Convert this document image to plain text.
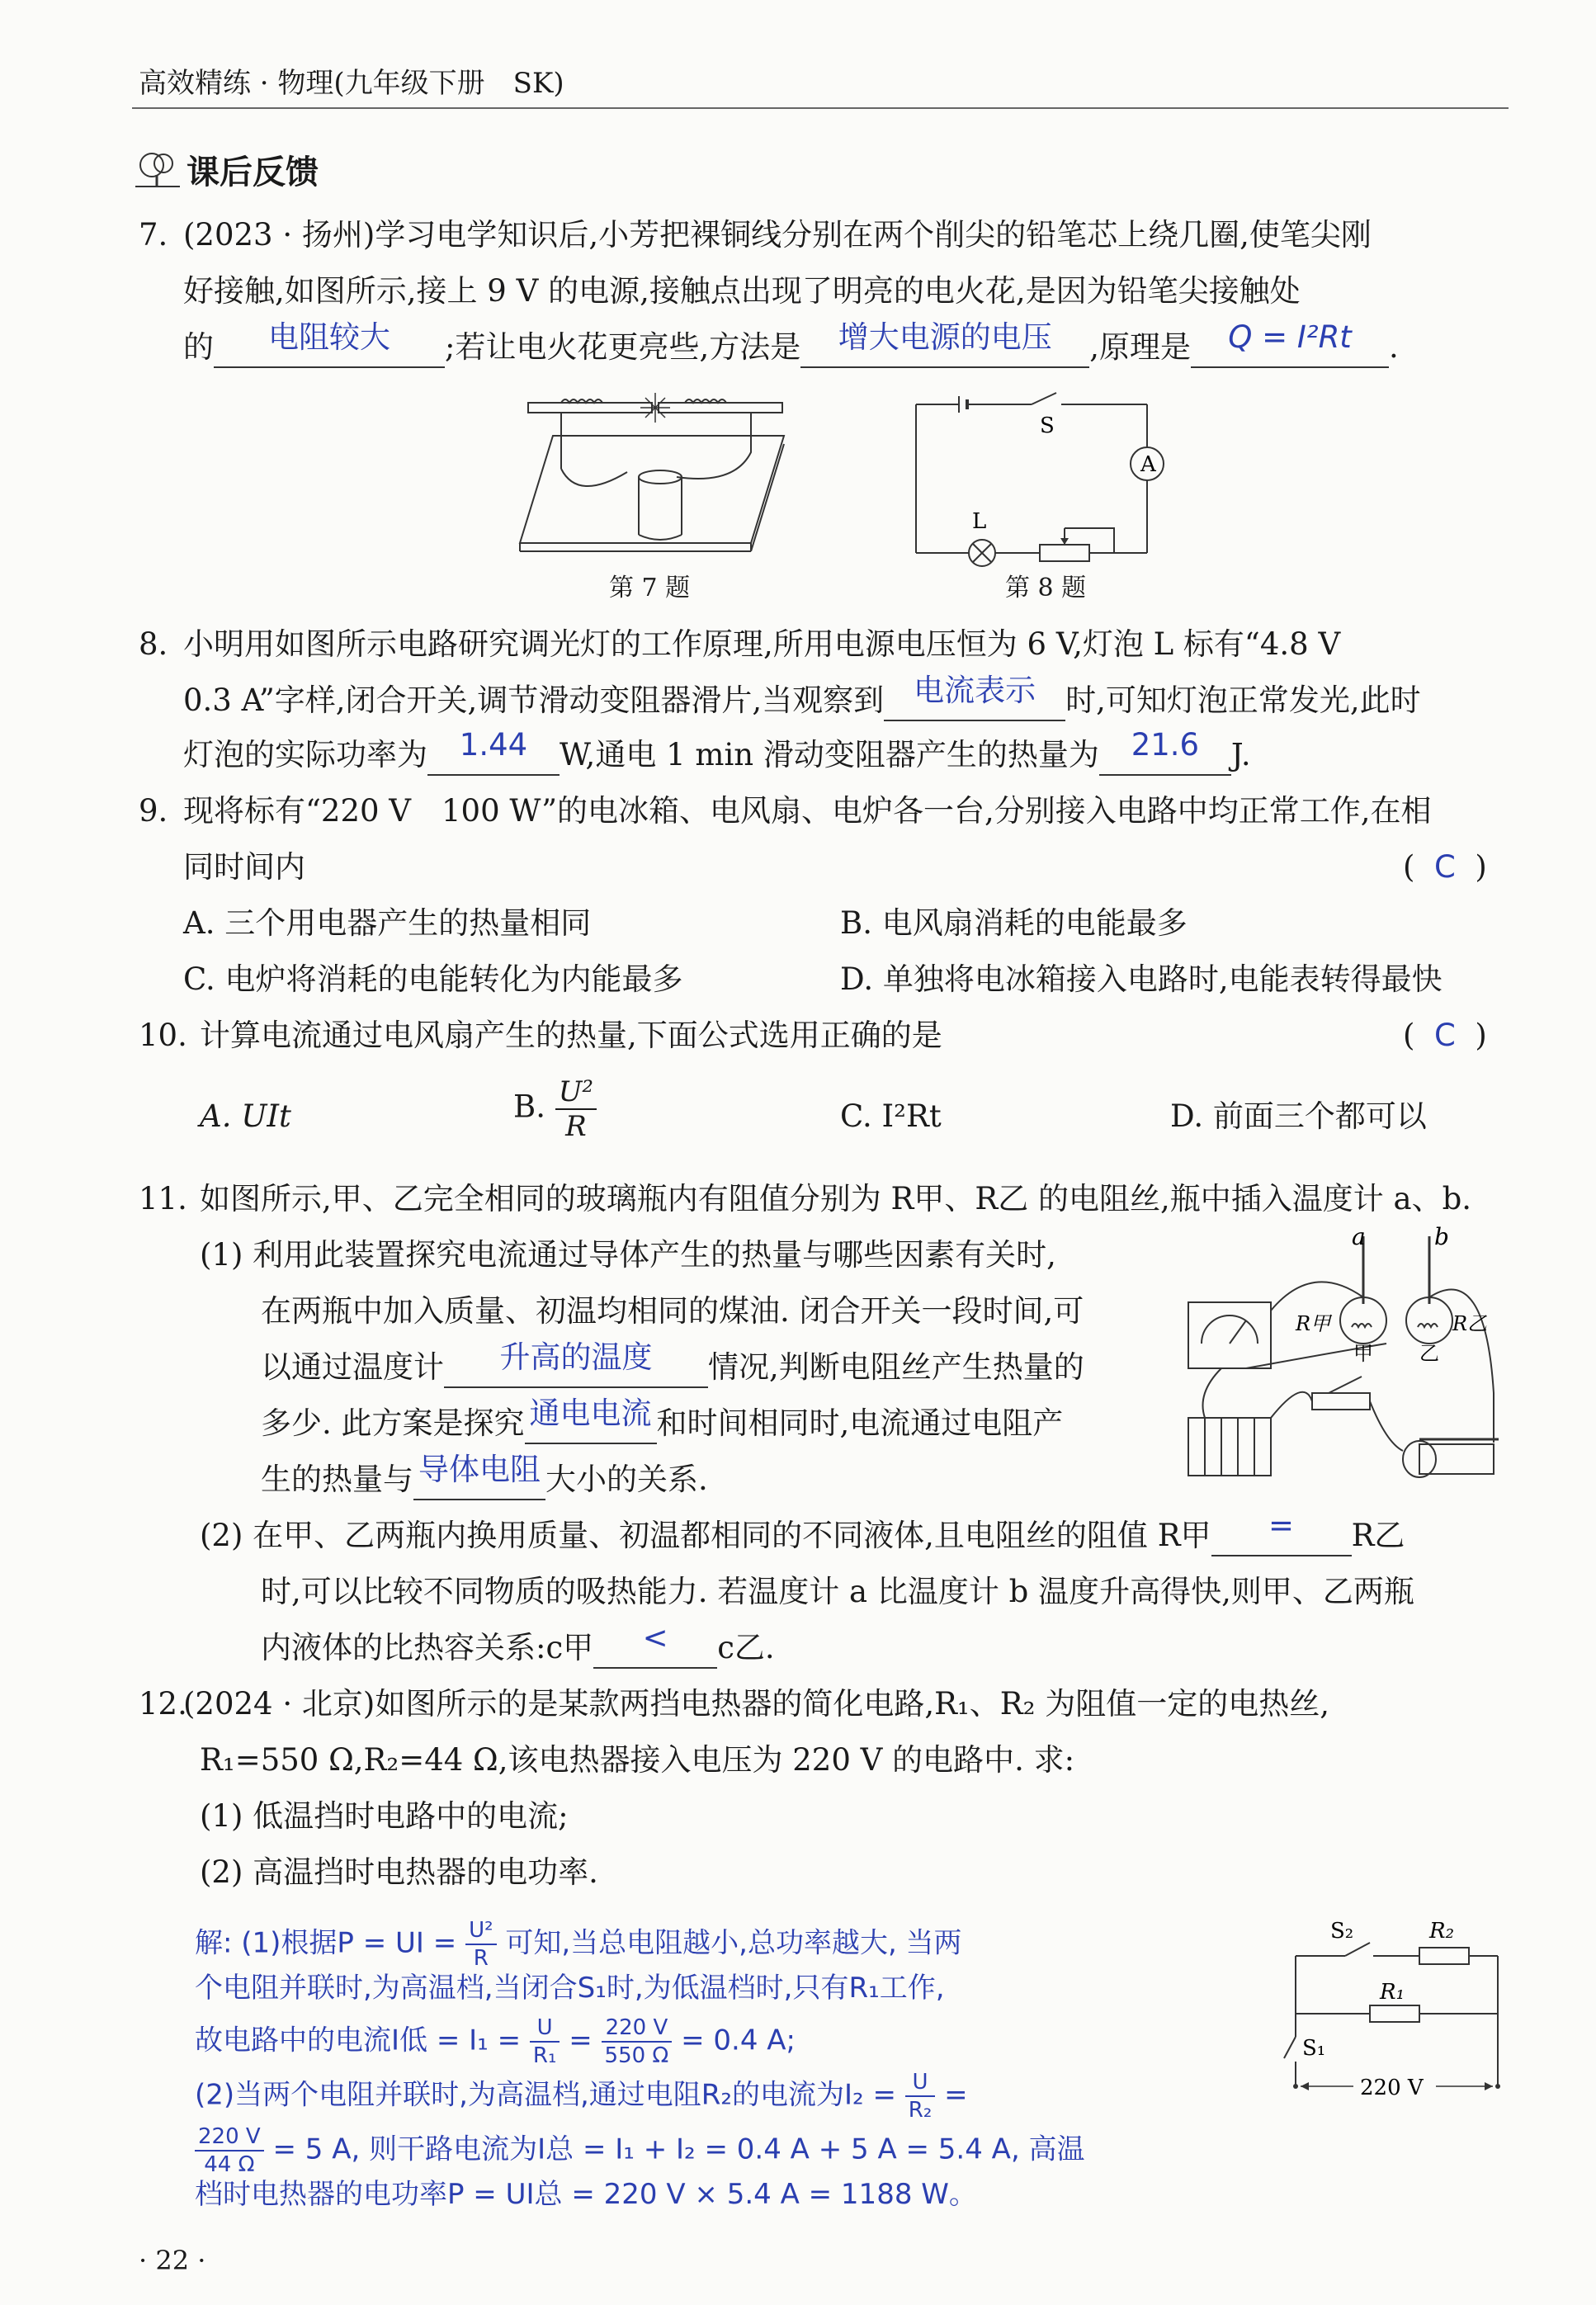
高效精练 · 物理(九年级下册　SK)
课后反馈
7. (2023 · 扬州)学习电学知识后,小芳把裸铜线分别在两个削尖的铅笔芯上绕几圈,使笔尖刚
好接触,如图所示,接上 9 V 的电源,接触点出现了明亮的电火花,是因为铅笔尖接触处
的 电阻较大 ;若让电火花更亮些,方法是 增大电源的电压 ,原理是 Q = I²Rt .
第 7 题
A
S
L
第 8 题
8. 小明用如图所示电路研究调光灯的工作原理,所用电源电压恒为 6 V,灯泡 L 标有“4.8 V
0.3 A”字样,闭合开关,调节滑动变阻器滑片,当观察到 电流表示 时,可知灯泡正常发光,此时
灯泡的实际功率为 1.44 W,通电 1 min 滑动变阻器产生的热量为 21.6 J.
9. 现将标有“220 V　100 W”的电冰箱、电风扇、电炉各一台,分别接入电路中均正常工作,在相
同时间内	(  C  )
A. 三个用电器产生的热量相同	B. 电风扇消耗的电能最多
C. 电炉将消耗的电能转化为内能最多	D. 单独将电冰箱接入电路时,电能表转得最快
10. 计算电流通过电风扇产生的热量,下面公式选用正确的是	(  C  )
A. UIt	B. $\frac{\text{U²}}{R}$	C. I²Rt	D. 前面三个都可以
11. 如图所示,甲、乙完全相同的玻璃瓶内有阻值分别为 R甲、R乙 的电阻丝,瓶中插入温度计 a、b.
(1) 利用此装置探究电流通过导体产生的热量与哪些因素有关时,
在两瓶中加入质量、初温均相同的煤油. 闭合开关一段时间,可
以通过温度计 升高的温度 情况,判断电阻丝产生热量的
多少. 此方案是探究 通电电流 和时间相同时,电流通过电阻产
生的热量与 导体电阻 大小的关系.
(2) 在甲、乙两瓶内换用质量、初温都相同的不同液体,且电阻丝的阻值 R甲 = R乙
时,可以比较不同物质的吸热能力. 若温度计 a 比温度计 b 温度升高得快,则甲、乙两瓶
内液体的比热容关系:c甲 < c乙.
a	b
R甲	R乙
甲 乙
12.
(2024 · 北京)如图所示的是某款两挡电热器的简化电路,R₁、R₂ 为阻值一定的电热丝,
R₁=550 Ω,R₂=44 Ω,该电热器接入电压为 220 V 的电路中. 求:
(1) 低温挡时电路中的电流;
(2) 高温挡时电热器的电功率.
解: (1)根据P = UI = $\frac{\text{U²}}{R}$ 可知,当总电阻越小,总功率越大, 当两
个电阻并联时,为高温档,当闭合S₁时,为低温档时,只有R₁工作,
故电路中的电流I低 = $I_1 = \frac{U}{\text{R₁}} = \frac{220 V}{550 \Omega} = 0.4$ A;
(2)当两个电阻并联时,为高温档,通过电阻R₂的电流为$I_2 = \frac{U}{\text{R₂}}$ =
$\frac{220 V}{44 \Omega} = 5$ A, 则干路电流为I总 = I₁ + I₂ = 0.4 A + 5 A = 5.4 A, 高温
档时电热器的电功率P = UI总 = 220 V × 5.4 A = 1188 W。
S₂	R₂
R₁
S₁
220 V
· 22 ·
